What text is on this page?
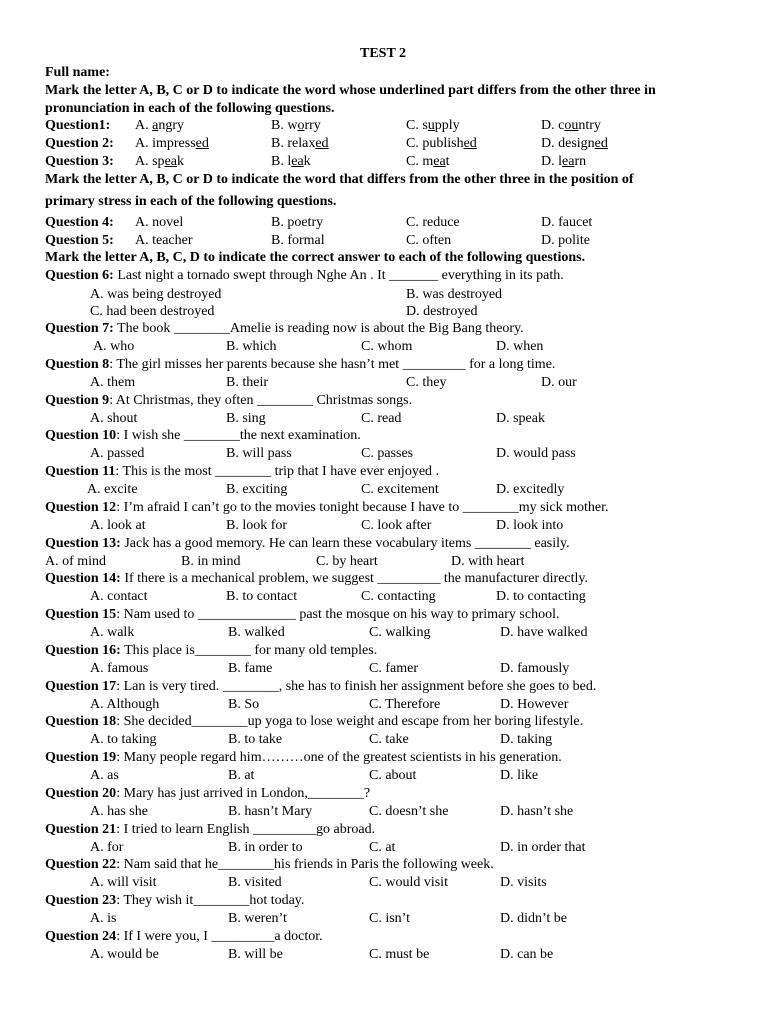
TEST 2
Full name:
Mark the letter A, B, C or D to indicate the word whose underlined part differs from the other three in
pronunciation in each of the following questions.
Question1: A. angry	B. worry	C. supply	D. country
Question 2: A. impressed	B. relaxed	C. published	D. designed
Question 3: A. speak	B. leak	C. meat	D. learn
Mark the letter A, B, C or D to indicate the word that differs from the other three in the position of
primary stress in each of the following questions.
Question 4: A. novel	B. poetry	C. reduce	D. faucet
Question 5: A. teacher	B. formal	C. often	D. polite
Mark the letter A, B, C, D to indicate the correct answer to each of the following questions.
Question 6: Last night a tornado swept through Nghe An . It _______ everything in its path.
A. was being destroyed	B. was destroyed
C. had been destroyed	D. destroyed
Question 7: The book ________Amelie is reading now is about the Big Bang theory.
A. who	B. which	C. whom	D. when
Question 8: The girl misses her parents because she hasn’t met _________ for a long time.
A. them	B. their	C. they	D. our
Question 9: At Christmas, they often ________ Christmas songs.
A. shout	B. sing	C. read	D. speak
Question 10: I wish she ________the next examination.
A. passed	B. will pass	C. passes	D. would pass
Question 11: This is the most ________ trip that I have ever enjoyed .
A. excite	B. exciting	C. excitement	D. excitedly
Question 12: I’m afraid I can’t go to the movies tonight because I have to ________my sick mother.
A. look at	B. look for	C. look after	D. look into
Question 13: Jack has a good memory. He can learn these vocabulary items ________ easily.
A. of mind	B. in mind	C. by heart	D. with heart
Question 14: If there is a mechanical problem, we suggest _________ the manufacturer directly.
A. contact	B. to contact	C. contacting	D. to contacting
Question 15: Nam used to ______________ past the mosque on his way to primary school.
A. walk	B. walked	C. walking	D. have walked
Question 16: This place is________ for many old temples.
A. famous	B. fame	C. famer	D. famously
Question 17: Lan is very tired. ________, she has to finish her assignment before she goes to bed.
A. Although	B. So	C. Therefore	D. However
Question 18: She decided________up yoga to lose weight and escape from her boring lifestyle.
A. to taking	B. to take	C. take	D. taking
Question 19: Many people regard him………one of the greatest scientists in his generation.
A. as	B. at	C. about	D. like
Question 20: Mary has just arrived in London,________?
A. has she	B. hasn’t Mary	C. doesn’t she	D. hasn’t she
Question 21: I tried to learn English _________go abroad.
A. for	B. in order to	C. at	D. in order that
Question 22: Nam said that he________his friends in Paris the following week.
A. will visit	B. visited	C. would visit	D. visits
Question 23: They wish it________hot today.
A. is	B. weren’t	C. isn’t	D. didn’t be
Question 24: If I were you, I _________a doctor.
A. would be	B. will be	C. must be	D. can be
